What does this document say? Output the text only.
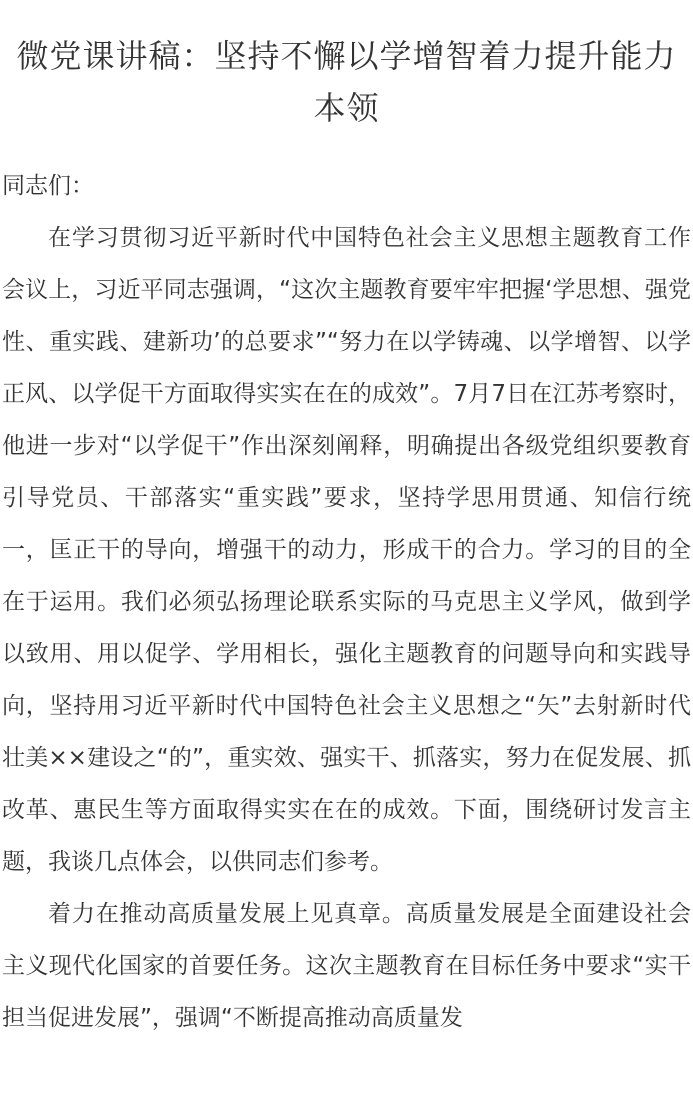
微党课讲稿：坚持不懈以学增智着力提升能力本领

同志们：

在学习贯彻习近平新时代中国特色社会主义思想主题教育工作会议上，习近平同志强调，“这次主题教育要牢牢把握‘学思想、强党性、重实践、建新功’的总要求”“努力在以学铸魂、以学增智、以学正风、以学促干方面取得实实在在的成效”。7月7日在江苏考察时，他进一步对“以学促干”作出深刻阐释，明确提出各级党组织要教育引导党员、干部落实“重实践”要求，坚持学思用贯通、知信行统一，匡正干的导向，增强干的动力，形成干的合力。学习的目的全在于运用。我们必须弘扬理论联系实际的马克思主义学风，做到学以致用、用以促学、学用相长，强化主题教育的问题导向和实践导向，坚持用习近平新时代中国特色社会主义思想之“矢”去射新时代壮美××建设之“的”，重实效、强实干、抓落实，努力在促发展、抓改革、惠民生等方面取得实实在在的成效。下面，围绕研讨发言主题，我谈几点体会，以供同志们参考。

着力在推动高质量发展上见真章。高质量发展是全面建设社会主义现代化国家的首要任务。这次主题教育在目标任务中要求“实干担当促进发展”，强调“不断提高推动高质量发
